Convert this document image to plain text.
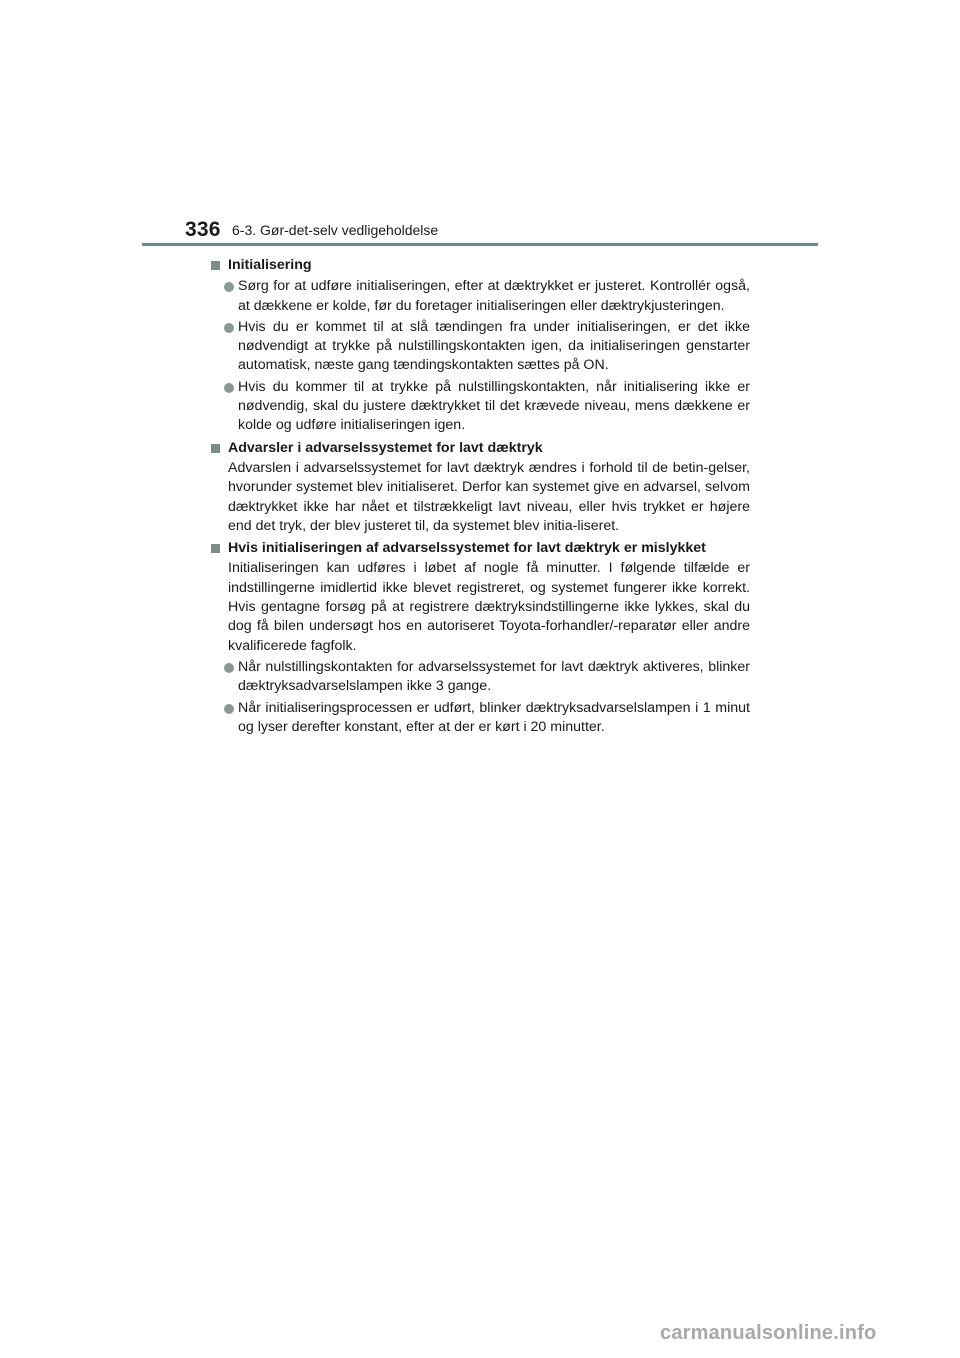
336 6-3. Gør-det-selv vedligeholdelse
Initialisering
Sørg for at udføre initialiseringen, efter at dæktrykket er justeret. Kontrollér også, at dækkene er kolde, før du foretager initialiseringen eller dæktrykjusteringen.
Hvis du er kommet til at slå tændingen fra under initialiseringen, er det ikke nødvendigt at trykke på nulstillingskontakten igen, da initialiseringen genstarter automatisk, næste gang tændingskontakten sættes på ON.
Hvis du kommer til at trykke på nulstillingskontakten, når initialisering ikke er nødvendig, skal du justere dæktrykket til det krævede niveau, mens dækkene er kolde og udføre initialiseringen igen.
Advarsler i advarselssystemet for lavt dæktryk
Advarslen i advarselssystemet for lavt dæktryk ændres i forhold til de betin-gelser, hvorunder systemet blev initialiseret. Derfor kan systemet give en advarsel, selvom dæktrykket ikke har nået et tilstrækkeligt lavt niveau, eller hvis trykket er højere end det tryk, der blev justeret til, da systemet blev initia-liseret.
Hvis initialiseringen af advarselssystemet for lavt dæktryk er mislykket
Initialiseringen kan udføres i løbet af nogle få minutter. I følgende tilfælde er indstillingerne imidlertid ikke blevet registreret, og systemet fungerer ikke korrekt. Hvis gentagne forsøg på at registrere dæktryksindstillingerne ikke lykkes, skal du dog få bilen undersøgt hos en autoriseret Toyota-forhandler/-reparatør eller andre kvalificerede fagfolk.
Når nulstillingskontakten for advarselssystemet for lavt dæktryk aktiveres, blinker dæktryksadvarselslampen ikke 3 gange.
Når initialiseringsprocessen er udført, blinker dæktryksadvarselslampen i 1 minut og lyser derefter konstant, efter at der er kørt i 20 minutter.
carmanualsonline.info
